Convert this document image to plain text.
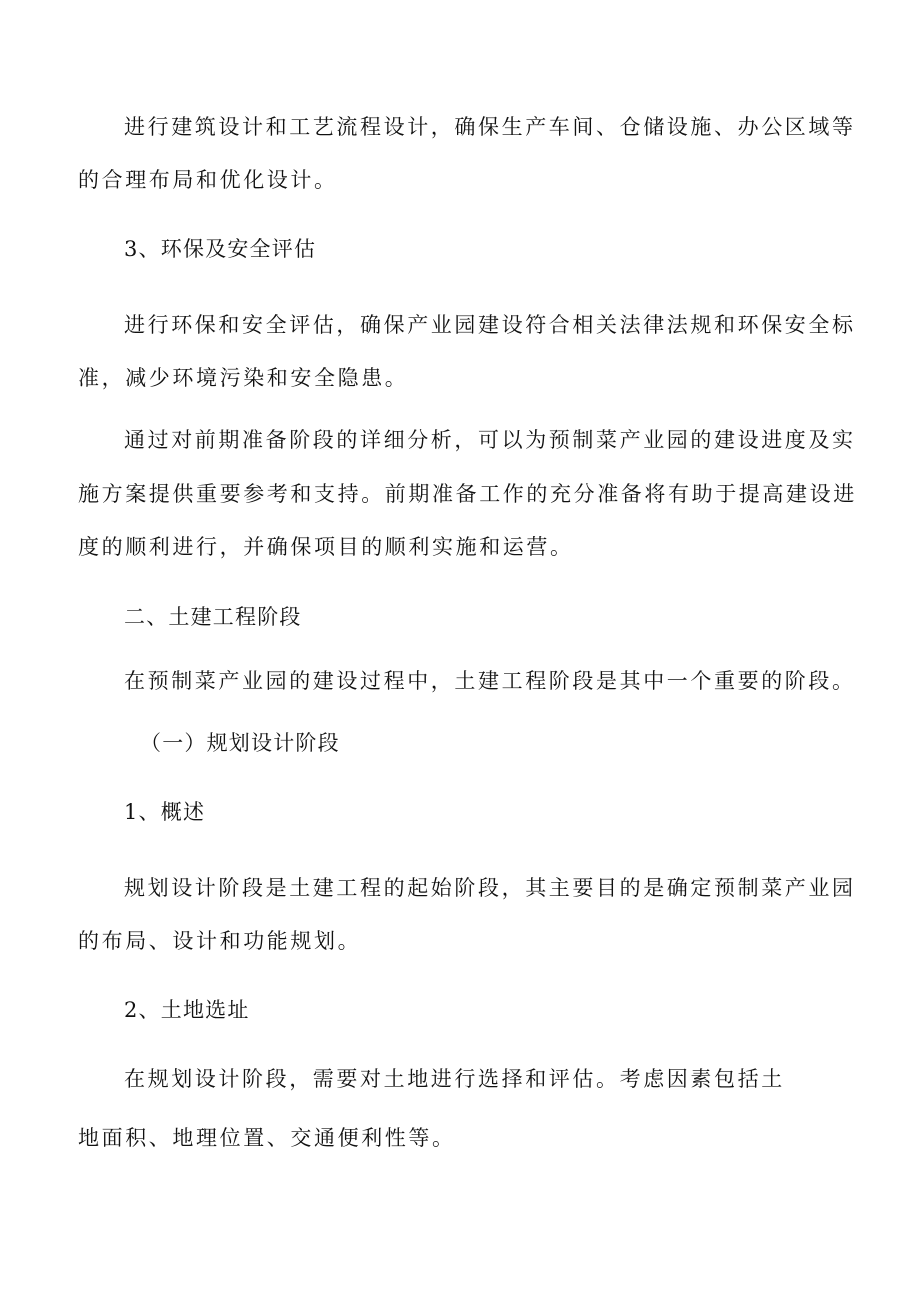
进行建筑设计和工艺流程设计，确保生产车间、仓储设施、办公区域等
的合理布局和优化设计。
3、环保及安全评估
进行环保和安全评估，确保产业园建设符合相关法律法规和环保安全标
准，减少环境污染和安全隐患。
通过对前期准备阶段的详细分析，可以为预制菜产业园的建设进度及实
施方案提供重要参考和支持。前期准备工作的充分准备将有助于提高建设进
度的顺利进行，并确保项目的顺利实施和运营。
二、土建工程阶段
在预制菜产业园的建设过程中，土建工程阶段是其中一个重要的阶段。
（一）规划设计阶段
1、概述
规划设计阶段是土建工程的起始阶段，其主要目的是确定预制菜产业园
的布局、设计和功能规划。
2、土地选址
在规划设计阶段，需要对土地进行选择和评估。考虑因素包括土
地面积、地理位置、交通便利性等。
